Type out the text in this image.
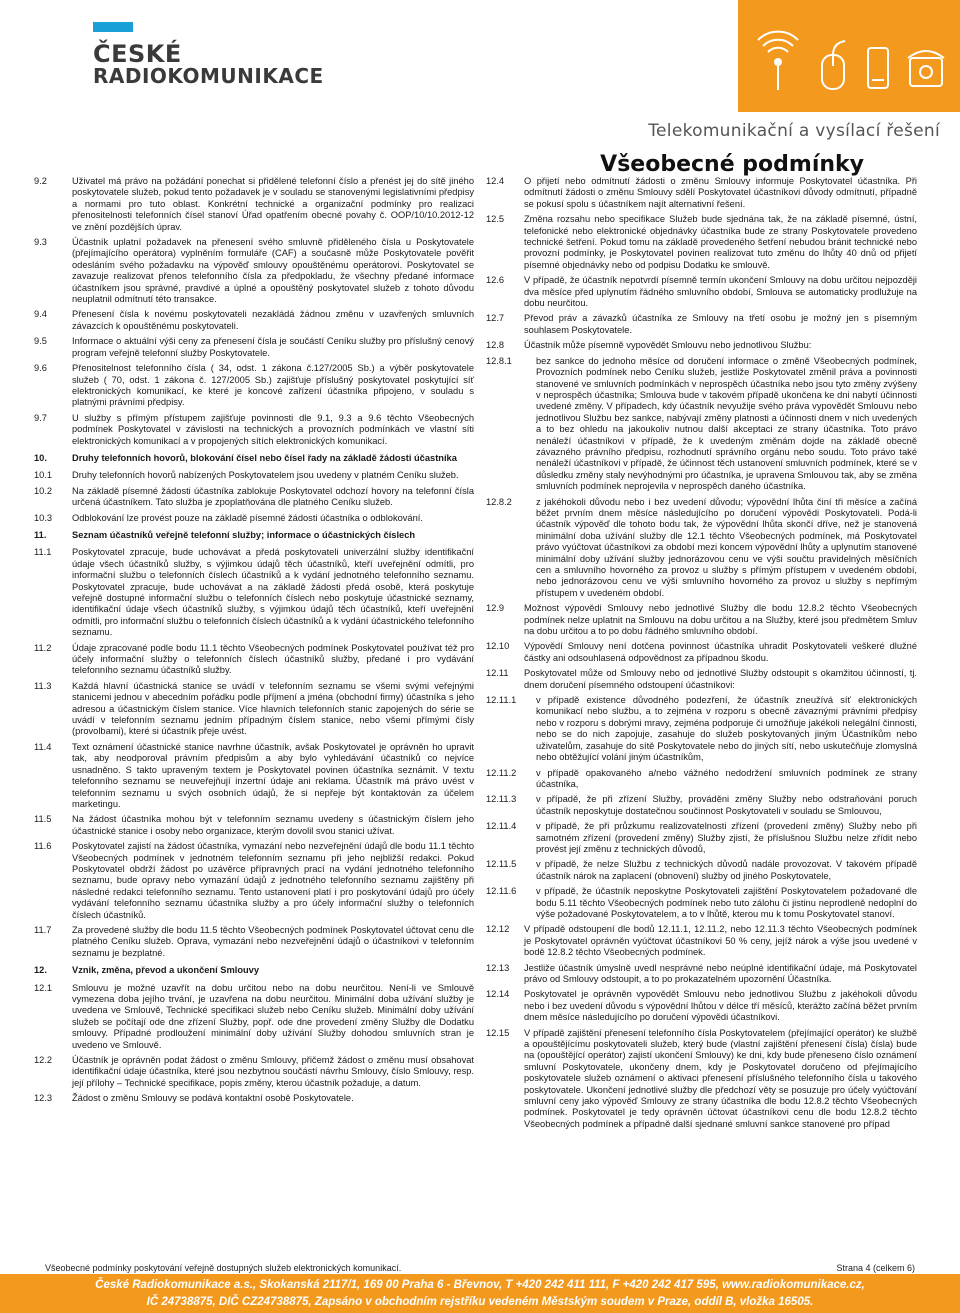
ČESKÉ
RADIOKOMUNIKACE
Telekomunikační a vysílací řešení
Všeobecné podmínky
9.2	Uživatel má právo na požádání ponechat si přidělené telefonní číslo a přenést jej do sítě jiného poskytovatele služeb, pokud tento požadavek je v souladu se stanovenými legislativními předpisy a normami pro tuto oblast. Konkrétní technické a organizační podmínky pro realizaci přenositelnosti telefonních čísel stanoví Úřad opatřením obecné povahy č. OOP/10/10.2012-12 ve znění pozdějších úprav.
9.3	Účastník uplatní požadavek na přenesení svého smluvně přiděleného čísla u Poskytovatele (přejímajícího operátora) vyplněním formuláře (CAF) a současně může Poskytovatele pověřit odesláním svého požadavku na výpověď smlouvy opouštěnému operátorovi. Poskytovatel se zavazuje realizovat přenos telefonního čísla za předpokladu, že všechny předané informace účastníkem jsou správné, pravdivé a úplné a opouštěný poskytovatel služeb z tohoto důvodu neuplatnil odmítnutí této transakce.
9.4	Přenesení čísla k novému poskytovateli nezakládá žádnou změnu v uzavřených smluvních závazcích k opouštěnému poskytovateli.
9.5	Informace o aktuální výši ceny za přenesení čísla je součástí Ceníku služby pro příslušný cenový program veřejně telefonní služby Poskytovatele.
9.6	Přenositelnost telefonního čísla ( 34, odst. 1 zákona č.127/2005 Sb.) a výběr poskytovatele služeb ( 70, odst. 1 zákona č. 127/2005 Sb.) zajišťuje příslušný poskytovatel poskytující síť elektronických komunikací, ke které je koncové zařízení účastníka připojeno, v souladu s platnými právními předpisy.
9.7	U služby s přímým přístupem zajišťuje povinnosti dle 9.1, 9.3 a 9.6 těchto Všeobecných podmínek Poskytovatel v závislosti na technických a provozních podmínkách ve vlastní síti elektronických komunikací a v propojených sítích elektronických komunikací.
10.	Druhy telefonních hovorů, blokování čísel nebo čísel řady na základě žádosti účastníka
10.1	Druhy telefonních hovorů nabízených Poskytovatelem jsou uvedeny v platném Ceníku služeb.
10.2	Na základě písemné žádosti účastníka zablokuje Poskytovatel odchozí hovory na telefonní čísla určená účastníkem. Tato služba je zpoplatňována dle platného Ceníku služeb.
10.3	Odblokování lze provést pouze na základě písemné žádosti účastníka o odblokování.
11.	Seznam účastníků veřejně telefonní služby; informace o účastnických číslech
11.1	Poskytovatel zpracuje, bude uchovávat a předá poskytovateli univerzální služby identifikační údaje všech účastníků služby, s výjimkou údajů těch účastníků, kteří uveřejnění odmítli, pro informační službu o telefonních číslech účastníků a k vydání jednotného telefonního seznamu. Poskytovatel zpracuje, bude uchovávat a na základě žádosti předá osobě, která poskytuje veřejně dostupné informační službu o telefonních číslech nebo poskytuje účastnické seznamy, identifikační údaje všech účastníků služby, s výjimkou údajů těch účastníků, kteří uveřejnění odmítli, pro informační službu o telefonních číslech účastníků a k vydání účastnického telefonního seznamu.
11.2	Údaje zpracované podle bodu 11.1 těchto Všeobecných podmínek Poskytovatel používat též pro účely informační služby o telefonních číslech účastníků služby, předané i pro vydávání telefonního seznamu účastníků služby.
11.3	Každá hlavní účastnická stanice se uvádí v telefonním seznamu se všemi svými veřejnými stanicemi jednou v abecedním pořádku podle příjmení a jména (obchodní firmy) účastníka s jeho adresou a účastnickým číslem stanice. Více hlavních telefonních stanic zapojených do série se uvádí v telefonním seznamu jedním případným číslem stanice, nebo všemi přímými čísly (provolbami), které si účastník přeje uvést.
11.4	Text oznámení účastnické stanice navrhne účastník, avšak Poskytovatel je oprávněn ho upravit tak, aby neodporoval právním předpisům a aby bylo vyhledávání účastníků co nejvíce usnadněno. S takto upraveným textem je Poskytovatel povinen účastníka seznámit. V textu telefonního seznamu se neuveřejňují inzertní údaje ani reklama. Účastník má právo uvést v telefonním seznamu u svých osobních údajů, že si nepřeje být kontaktován za účelem marketingu.
11.5	Na žádost účastníka mohou být v telefonním seznamu uvedeny s účastnickým číslem jeho účastnické stanice i osoby nebo organizace, kterým dovolil svou stanici užívat.
11.6	Poskytovatel zajistí na žádost účastníka, vymazání nebo nezveřejnění údajů dle bodu 11.1 těchto Všeobecných podmínek v jednotném telefonním seznamu při jeho nejbližší redakci. Pokud Poskytovatel obdrží žádost po uzávěrce přípravných prací na vydání jednotného telefonního seznamu, bude opravy nebo vymazání údajů z jednotného telefonního seznamu zajištěny při následné redakci telefonního seznamu. Tento ustanovení platí i pro poskytování údajů pro účely vydávání telefonního seznamu účastníka služby a pro účely informační služby o telefonních číslech účastníků.
11.7	Za provedené služby dle bodu 11.5 těchto Všeobecných podmínek Poskytovatel účtovat cenu dle platného Ceníku služeb. Oprava, vymazání nebo nezveřejnění údajů o účastníkovi v telefonním seznamu je bezplatné.
12.	Vznik, změna, převod a ukončení Smlouvy
12.1	Smlouvu je možné uzavřít na dobu určitou nebo na dobu neurčitou. Není-li ve Smlouvě vymezena doba jejího trvání, je uzavřena na dobu neurčitou. Minimální doba užívání služby je uvedena ve Smlouvě, Technické specifikaci služeb nebo Ceníku služeb. Minimální doby užívání služeb se počítají ode dne zřízení Služby, popř. ode dne provedení změny Služby dle Dodatku smlouvy. Případné prodloužení minimální doby užívání Služby dohodou smluvních stran je uvedeno ve Smlouvě.
12.2	Účastník je oprávněn podat žádost o změnu Smlouvy, přičemž žádost o změnu musí obsahovat identifikační údaje účastníka, které jsou nezbytnou součástí návrhu Smlouvy, číslo Smlouvy, resp. její přílohy – Technické specifikace, popis změny, kterou účastník požaduje, a datum.
12.3	Žádost o změnu Smlouvy se podává kontaktní osobě Poskytovatele.
12.4	O přijetí nebo odmítnutí žádosti o změnu Smlouvy informuje Poskytovatel účastníka. Při odmítnutí žádosti o změnu Smlouvy sdělí Poskytovatel účastníkovi důvody odmítnutí, případně se pokusí spolu s účastníkem najít alternativní řešení.
12.5	Změna rozsahu nebo specifikace Služeb bude sjednána tak, že na základě písemné, ústní, telefonické nebo elektronické objednávky účastníka bude ze strany Poskytovatele provedeno technické šetření. Pokud tomu na základě provedeného šetření nebudou bránit technické nebo provozní podmínky, je Poskytovatel povinen realizovat tuto změnu do lhůty 40 dnů od přijetí písemné objednávky nebo od podpisu Dodatku ke smlouvě.
12.6	V případě, že účastník nepotvrdí písemně termín ukončení Smlouvy na dobu určitou nejpozději dva měsíce před uplynutím řádného smluvního období, Smlouva se automaticky prodlužuje na dobu neurčitou.
12.7	Převod práv a závazků účastníka ze Smlouvy na třetí osobu je možný jen s písemným souhlasem Poskytovatele.
12.8	Účastník může písemně vypovědět Smlouvu nebo jednotlivou Službu:
12.8.1	bez sankce do jednoho měsíce od doručení informace o změně Všeobecných podmínek, Provozních podmínek nebo Ceníku služeb, jestliže Poskytovatel změnil práva a povinnosti stanovené ve smluvních podmínkách v neprospěch účastníka nebo jsou tyto změny zvýšeny v neprospěch účastníka; Smlouva bude v takovém případě ukončena ke dni nabytí účinnosti uvedené změny. V případech, kdy účastník nevyužije svého práva vypovědět Smlouvu nebo jednotlivou Službu bez sankce, nabývají změny platnosti a účinnosti dnem v nich uvedených a to bez ohledu na jakoukoliv nutnou další akceptaci ze strany účastníka. Toto právo nenáleží účastníkovi v případě, že k uvedeným změnám dojde na základě obecně závazného právního předpisu, rozhodnutí správního orgánu nebo soudu. Toto právo také nenáleží účastníkovi v případě, že účinnost těch ustanovení smluvních podmínek, které se v důsledku změny staly nevýhodnými pro účastníka, je upravena Smlouvou tak, aby se změna smluvních podmínek neprojevila v neprospěch daného účastníka.
12.8.2	z jakéhokoli důvodu nebo i bez uvedení důvodu; výpovědní lhůta činí tři měsíce a začíná běžet prvním dnem měsíce následujícího po doručení výpovědi Poskytovateli. Podá-li účastník výpověď dle tohoto bodu tak, že výpovědní lhůta skončí dříve, než je stanovená minimální doba užívání služby dle 12.1 těchto Všeobecných podmínek, má Poskytovatel právo vyúčtovat účastníkovi za období mezi koncem výpovědní lhůty a uplynutím stanovené minimální doby užívání služby jednorázovou cenu ve výši součtu pravidelných měsíčních cen a smluvního hovorného za provoz u služby s přímým přístupem v uvedeném období, nebo jednorázovou cenu ve výši smluvního hovorného za provoz u služby s nepřímým přístupem v uvedeném období.
12.9	Možnost výpovědi Smlouvy nebo jednotlivé Služby dle bodu 12.8.2 těchto Všeobecných podmínek nelze uplatnit na Smlouvu na dobu určitou a na Služby, které jsou předmětem Smluv na dobu určitou a to po dobu řádného smluvního období.
12.10	Výpovědí Smlouvy není dotčena povinnost účastníka uhradit Poskytovateli veškeré dlužné částky ani odsouhlasená odpovědnost za případnou škodu.
12.11	Poskytovatel může od Smlouvy nebo od jednotlivé Služby odstoupit s okamžitou účinností, tj. dnem doručení písemného odstoupení účastníkovi:
12.11.1	v případě existence důvodného podezření, že účastník zneužívá síť elektronických komunikací nebo službu, a to zejména v rozporu s obecně závaznými právními předpisy nebo v rozporu s dobrými mravy, zejména podporuje či umožňuje jakékoli nelegální činnosti, nebo se do nich zapojuje, zasahuje do služeb poskytovaných jiným Účastníkům nebo uživatelům, zasahuje do sítě Poskytovatele nebo do jiných sítí, nebo uskutečňuje zlomyslná nebo obtěžující volání jiným účastníkům,
12.11.2	v případě opakovaného a/nebo vážného nedodržení smluvních podmínek ze strany účastníka,
12.11.3	v případě, že při zřízení Služby, prováděni změny Služby nebo odstraňování poruch účastník neposkytuje dostatečnou součinnost Poskytovateli v souladu se Smlouvou,
12.11.4	v případě, že při průzkumu realizovatelnosti zřízení (provedení změny) Služby nebo při samotném zřízení (provedení změny) Služby zjistí, že příslušnou Službu nelze zřídit nebo provést její změnu z technických důvodů,
12.11.5	v případě, že nelze Službu z technických důvodů nadále provozovat. V takovém případě účastník nárok na zaplacení (obnovení) služby od jiného Poskytovatele,
12.11.6	v případě, že účastník neposkytne Poskytovateli zajištění Poskytovatelem požadované dle bodu 5.11 těchto Všeobecných podmínek nebo tuto zálohu či jistinu neprodleně nedoplní do výše požadované Poskytovatelem, a to v lhůtě, kterou mu k tomu Poskytovatel stanoví.
12.12	V případě odstoupení dle bodů 12.11.1, 12.11.2, nebo 12.11.3 těchto Všeobecných podmínek je Poskytovatel oprávněn vyúčtovat účastníkovi 50 % ceny, jejíž nárok a výše jsou uvedené v bodě 12.8.2 těchto Všeobecných podmínek.
12.13	Jestliže účastník úmyslně uvedl nesprávné nebo neúplné identifikační údaje, má Poskytovatel právo od Smlouvy odstoupit, a to po prokazatelném upozornění Účastníka.
12.14	Poskytovatel je oprávněn vypovědět Smlouvu nebo jednotlivou Službu z jakéhokoli důvodu nebo i bez uvedení důvodu s výpovědní lhůtou v délce tří měsíců, kterážto začíná běžet prvním dnem měsíce následujícího po doručení výpovědi účastníkovi.
12.15	V případě zajištění přenesení telefonního čísla Poskytovatelem (přejímající operátor) ke službě a opouštějícímu poskytovateli služeb, který bude (vlastní zajištění přenesení čísla) čísla) bude na (opouštějící operátor) zajistí ukončení Smlouvy) ke dni, kdy bude přeneseno číslo oznámení smluvní Poskytovatele, ukončeny dnem, kdy je Poskytovatel doručeno od přejímajícího poskytovatele služeb oznámení o aktivaci přenesení příslušného telefonního čísla u takového poskytovatele. Ukončení jednotlivé služby dle předchozí věty se posuzuje pro účely vyúčtování smluvní ceny jako výpověď Smlouvy ze strany účastníka dle bodu 12.8.2 těchto Všeobecných podmínek. Poskytovatel je tedy oprávněn účtovat účastníkovi cenu dle bodu 12.8.2 těchto Všeobecných podmínek a případně další sjednané smluvní sankce stanovené pro případ
Všeobecné podmínky poskytování veřejně dostupných služeb elektronických komunikací.	Strana 4 (celkem 6)
České Radiokomunikace a.s., Skokanská 2117/1, 169 00 Praha 6 - Břevnov, T +420 242 411 111, F +420 242 417 595, www.radiokomunikace.cz,
IČ 24738875, DIČ CZ24738875, Zapsáno v obchodním rejstříku vedeném Městským soudem v Praze, oddíl B, vložka 16505.
